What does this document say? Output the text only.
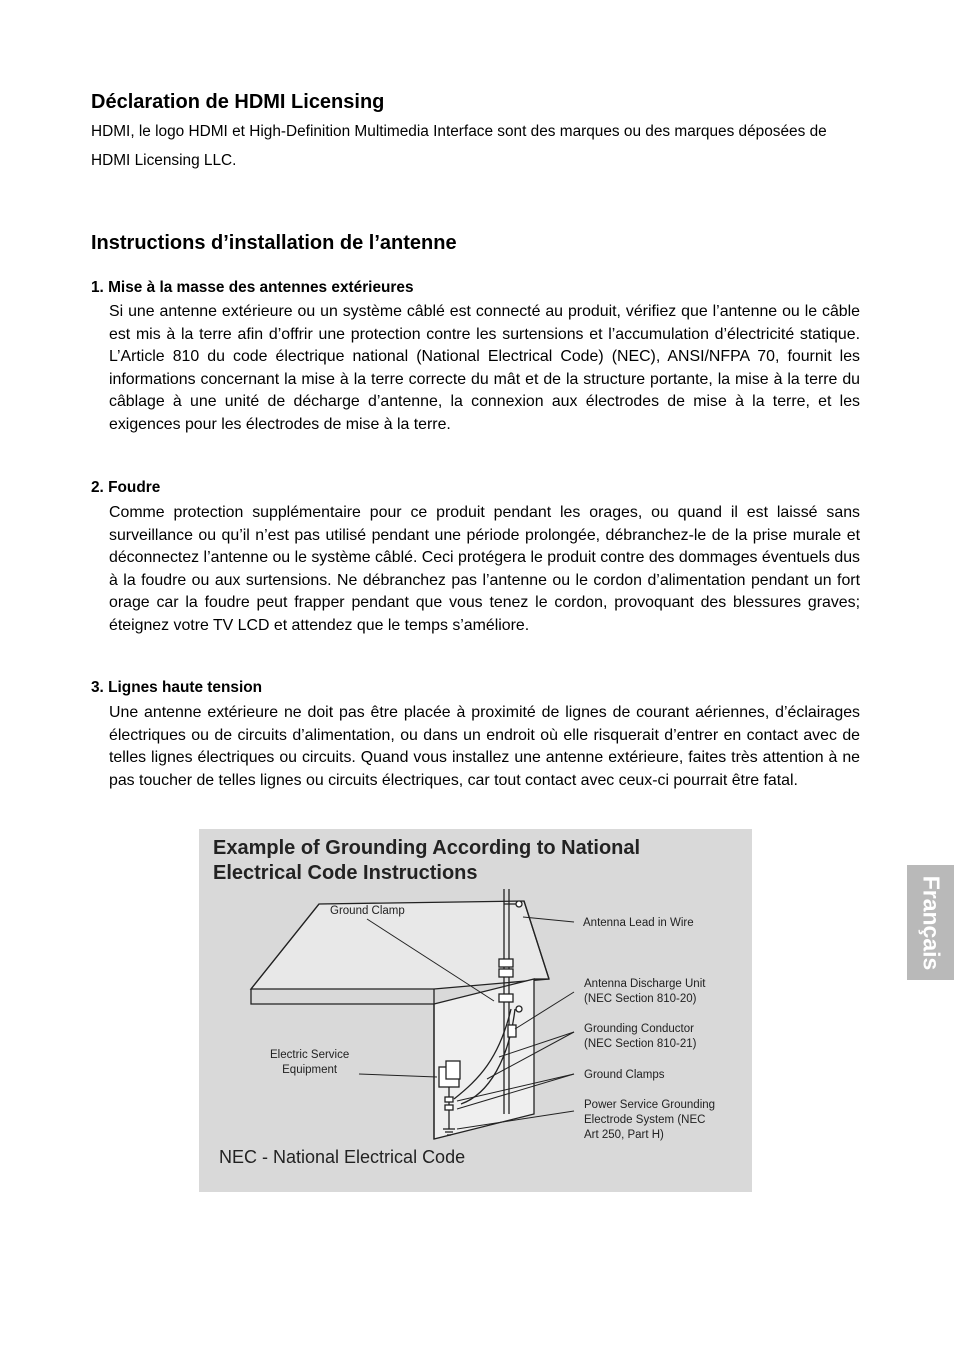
Déclaration de HDMI Licensing

HDMI, le logo HDMI et High-Definition Multimedia Interface sont des marques ou des marques déposées de HDMI Licensing LLC.

Instructions d’installation de l’antenne

1. Mise à la masse des antennes extérieures

Si une antenne extérieure ou un système câblé est connecté au produit, vérifiez que l’antenne ou le câble est mis à la terre afin d’offrir une protection contre les surtensions et l’accumulation d’électricité statique. L’Article 810 du code électrique national (National Electrical Code) (NEC), ANSI/NFPA 70, fournit les informations concernant la mise à la terre correcte du mât et de la structure portante, la mise à la terre du câblage à une unité de décharge d’antenne, la connexion aux électrodes de mise à la terre, et les exigences pour les électrodes de mise à la terre.

2. Foudre

Comme protection supplémentaire pour ce produit pendant les orages, ou quand il est laissé sans surveillance ou qu’il n’est pas utilisé pendant une période prolongée, débranchez-le de la prise murale et déconnectez l’antenne ou le système câblé. Ceci protégera le produit contre des dommages éventuels dus à la foudre ou aux surtensions. Ne débranchez pas l’antenne ou le cordon d’alimentation pendant un fort orage car la foudre peut frapper pendant que vous tenez le cordon, provoquant des blessures graves; éteignez votre TV LCD et attendez que le temps s’améliore.

3. Lignes haute tension

Une antenne extérieure ne doit pas être placée à proximité de lignes de courant aériennes, d’éclairages électriques ou de circuits d’alimentation, ou dans un endroit où elle risquerait d’entrer en contact avec de telles lignes électriques ou circuits. Quand vous installez une antenne extérieure, faites très attention à ne pas toucher de telles lignes ou circuits électriques, car tout contact avec ceux-ci pourrait être fatal.

Example of Grounding According to National
Electrical Code Instructions
Ground Clamp
Antenna Lead in Wire
Antenna Discharge Unit
(NEC Section 810-20)
Grounding Conductor
(NEC Section 810-21)
Ground Clamps
Power Service Grounding
Electrode System (NEC
Art 250, Part H)
Electric Service
Equipment
NEC - National Electrical Code
Français
